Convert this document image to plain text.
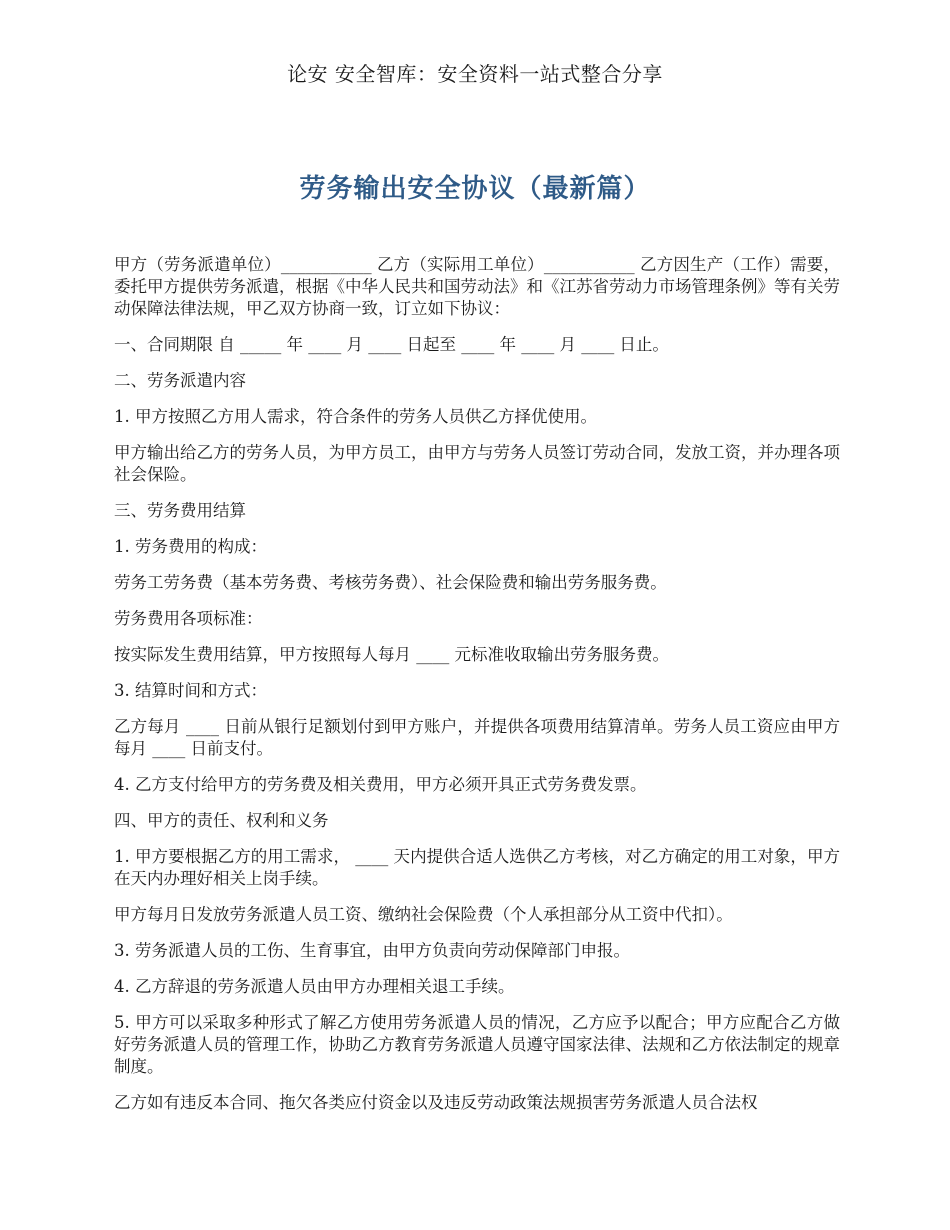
论安 安全智库：安全资料一站式整合分享
劳务输出安全协议（最新篇）

甲方（劳务派遣单位）___________ 乙方（实际用工单位）___________ 乙方因生产（工作）需要，委托甲方提供劳务派遣，根据《中华人民共和国劳动法》和《江苏省劳动力市场管理条例》等有关劳动保障法律法规，甲乙双方协商一致，订立如下协议：

一、合同期限 自 _____ 年 ____ 月 ____ 日起至 ____ 年 ____ 月 ____ 日止。

二、劳务派遣内容

1. 甲方按照乙方用人需求，符合条件的劳务人员供乙方择优使用。

甲方输出给乙方的劳务人员，为甲方员工，由甲方与劳务人员签订劳动合同，发放工资，并办理各项社会保险。

三、劳务费用结算

1. 劳务费用的构成：

劳务工劳务费（基本劳务费、考核劳务费）、社会保险费和输出劳务服务费。

劳务费用各项标准：

按实际发生费用结算，甲方按照每人每月 ____ 元标准收取输出劳务服务费。

3. 结算时间和方式：

乙方每月 ____ 日前从银行足额划付到甲方账户，并提供各项费用结算清单。劳务人员工资应由甲方每月 ____ 日前支付。

4. 乙方支付给甲方的劳务费及相关费用，甲方必须开具正式劳务费发票。

四、甲方的责任、权利和义务

1. 甲方要根据乙方的用工需求， ____ 天内提供合适人选供乙方考核，对乙方确定的用工对象，甲方在天内办理好相关上岗手续。

甲方每月日发放劳务派遣人员工资、缴纳社会保险费（个人承担部分从工资中代扣）。

3. 劳务派遣人员的工伤、生育事宜，由甲方负责向劳动保障部门申报。

4. 乙方辞退的劳务派遣人员由甲方办理相关退工手续。

5. 甲方可以采取多种形式了解乙方使用劳务派遣人员的情况，乙方应予以配合；甲方应配合乙方做好劳务派遣人员的管理工作，协助乙方教育劳务派遣人员遵守国家法律、法规和乙方依法制定的规章制度。

乙方如有违反本合同、拖欠各类应付资金以及违反劳动政策法规损害劳务派遣人员合法权
